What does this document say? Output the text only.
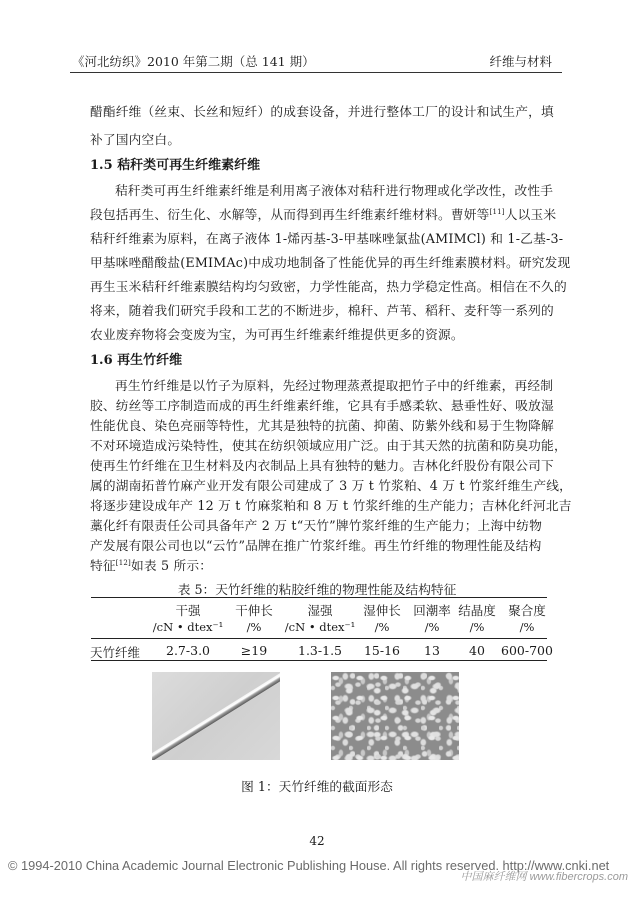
《河北纺织》2010 年第二期（总 141 期）	纤维与材料
醋酯纤维（丝束、长丝和短纤）的成套设备，并进行整体工厂的设计和试生产，填
补了国内空白。
1.5 秸秆类可再生纤维素纤维
秸秆类可再生纤维素纤维是利用离子液体对秸秆进行物理或化学改性，改性手
段包括再生、衍生化、水解等，从而得到再生纤维素纤维材料。曹妍等[11]人以玉米
秸秆纤维素为原料，在离子液体 1-烯丙基-3-甲基咪唑氯盐(AMIMCl) 和 1-乙基-3-
甲基咪唑醋酸盐(EMIMAc)中成功地制备了性能优异的再生纤维素膜材料。研究发现
再生玉米秸秆纤维素膜结构均匀致密，力学性能高，热力学稳定性高。相信在不久的
将来，随着我们研究手段和工艺的不断进步，棉秆、芦苇、稻秆、麦秆等一系列的
农业废弃物将会变废为宝，为可再生纤维素纤维提供更多的资源。
1.6 再生竹纤维
再生竹纤维是以竹子为原料，先经过物理蒸煮提取把竹子中的纤维素，再经制
胶、纺丝等工序制造而成的再生纤维素纤维，它具有手感柔软、悬垂性好、吸放湿
性能优良、染色亮丽等特性，尤其是独特的抗菌、抑菌、防紫外线和易于生物降解
不对环境造成污染特性，使其在纺织领域应用广泛。由于其天然的抗菌和防臭功能，
使再生竹纤维在卫生材料及内衣制品上具有独特的魅力。吉林化纤股份有限公司下
属的湖南拓普竹麻产业开发有限公司建成了 3 万 t 竹浆粕、4 万 t 竹浆纤维生产线，
将逐步建设成年产 12 万 t 竹麻浆粕和 8 万 t 竹浆纤维的生产能力；吉林化纤河北吉
藁化纤有限责任公司具备年产 2 万 t“天竹”牌竹浆纤维的生产能力；上海中纺物
表 5：天竹纤维的粘胶纤维的物理性能及结构特征
干强	干伸长	湿强 湿伸长 回潮率 结晶度 聚合度
/cN • dtex⁻¹ /% /cN • dtex⁻¹ /%	/%	/%	/%
天竹纤维 2.7-3.0 ≥19 1.3-1.5 15-16 13 40 600-700
图 1：天竹纤维的截面形态
42
© 1994-2010 China Academic Journal Electronic Publishing House. All rights reserved. http://www.cnki.net
中国麻纤维网 www.fibercrops.com
产发展有限公司也以“云竹”品牌在推广竹浆纤维。再生竹纤维的物理性能及结构
特征[12]如表 5 所示：
